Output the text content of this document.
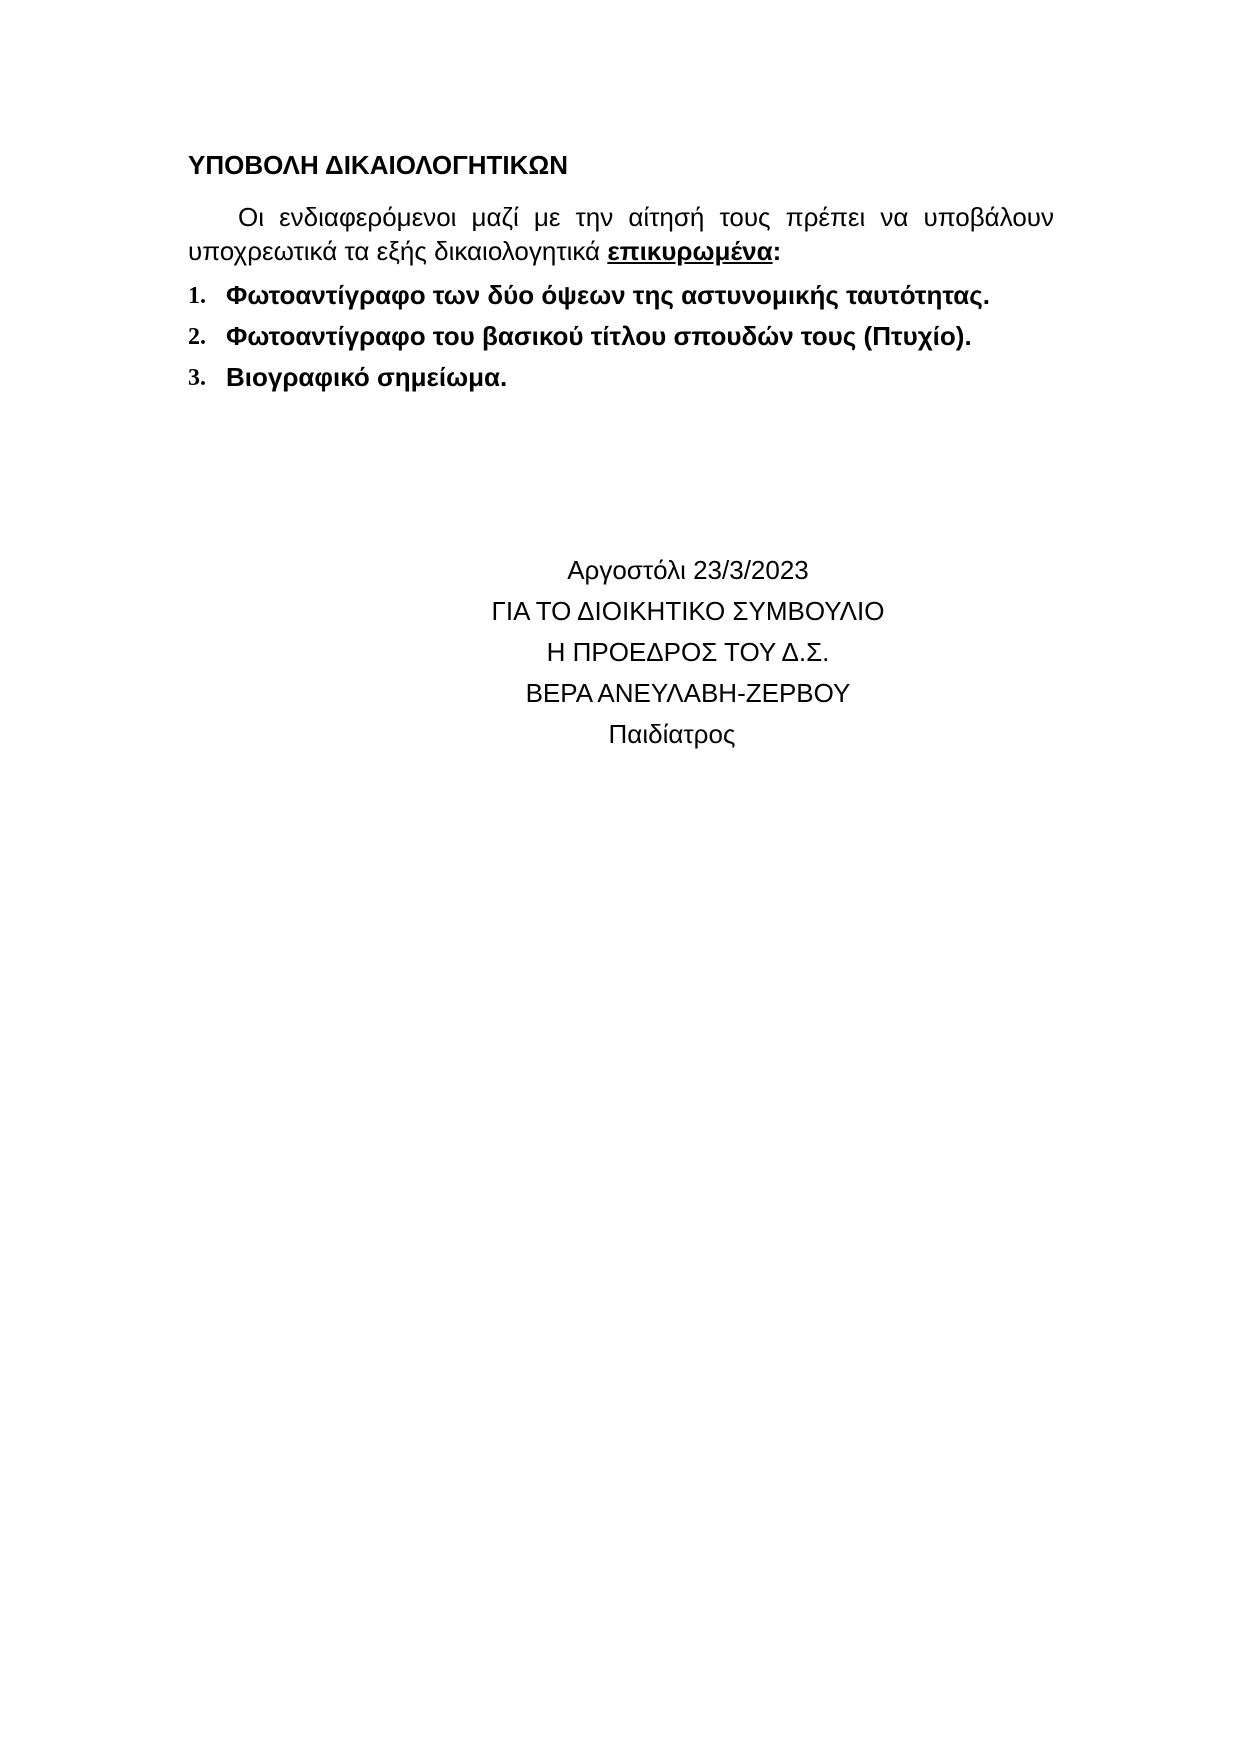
ΥΠΟΒΟΛΗ ΔΙΚΑΙΟΛΟΓΗΤΙΚΩΝ

Οι ενδιαφερόμενοι μαζί με την αίτησή τους πρέπει να υποβάλουν υποχρεωτικά τα εξής δικαιολογητικά επικυρωμένα:

1. Φωτοαντίγραφο των δύο όψεων της αστυνομικής ταυτότητας.
2. Φωτοαντίγραφο του βασικού τίτλου σπουδών τους (Πτυχίο).
3. Βιογραφικό σημείωμα.
Αργοστόλι 23/3/2023
ΓΙΑ ΤΟ ΔΙΟΙΚΗΤΙΚΟ ΣΥΜΒΟΥΛΙΟ
Η ΠΡΟΕΔΡΟΣ ΤΟΥ Δ.Σ.
ΒΕΡΑ ΑΝΕΥΛΑΒΗ-ΖΕΡΒΟΥ
Παιδίατρος
